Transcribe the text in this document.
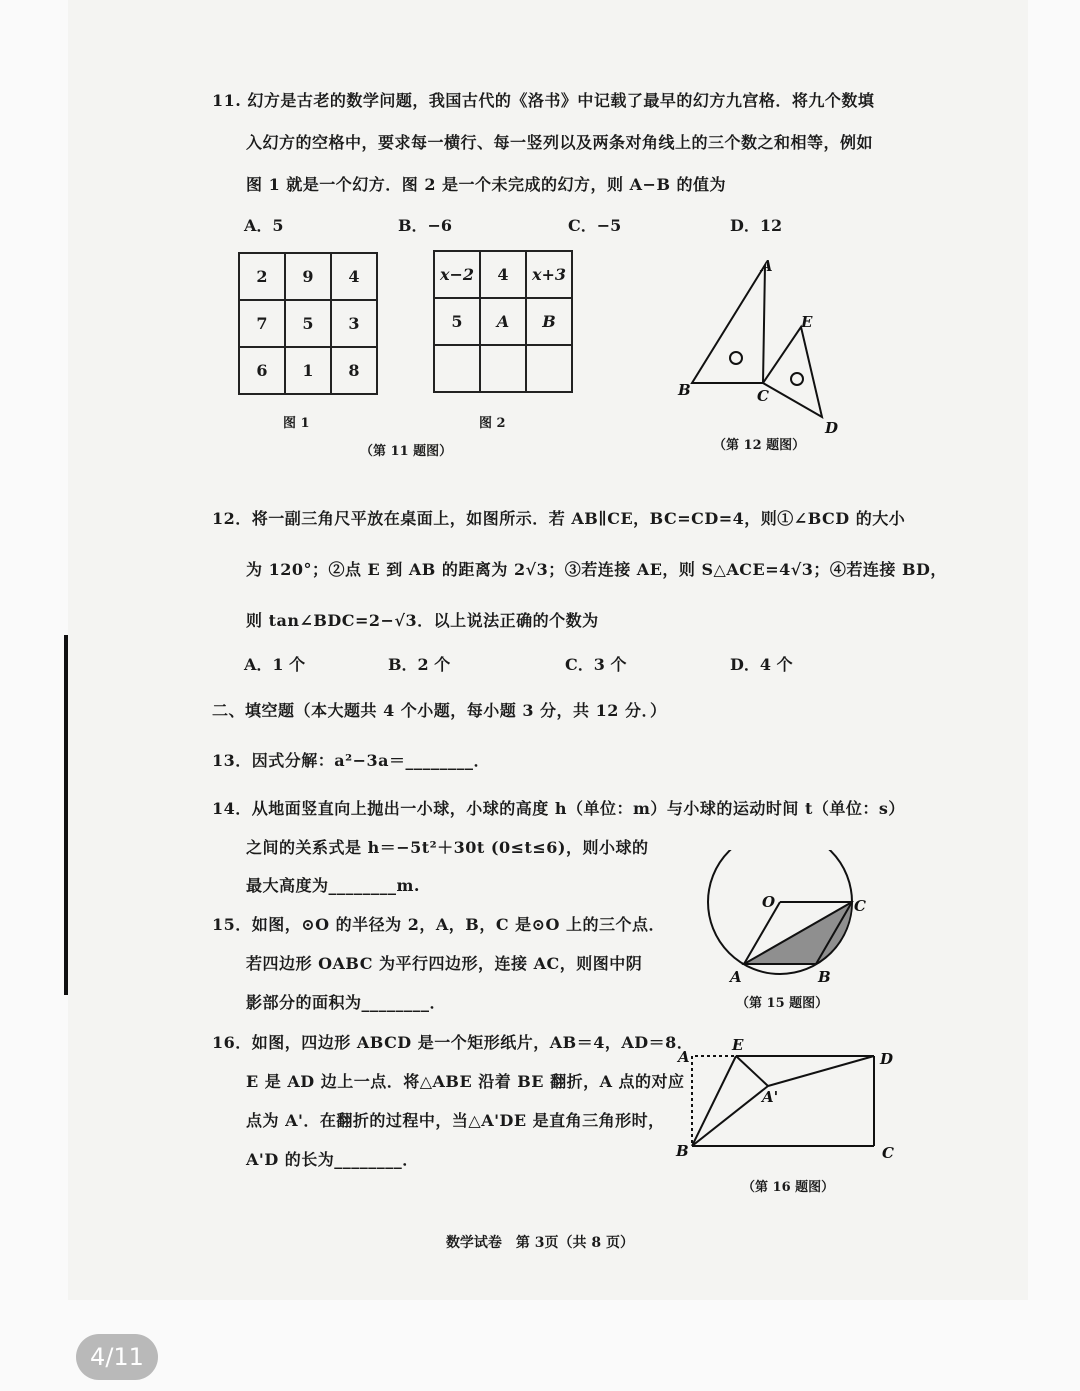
11. 幻方是古老的数学问题，我国古代的《洛书》中记载了最早的幻方九宫格．将九个数填
入幻方的空格中，要求每一横行、每一竖列以及两条对角线上的三个数之和相等，例如
图 1 就是一个幻方．图 2 是一个未完成的幻方，则 A−B 的值为
A．5	B．−6	C．−5	D．12
2	9	4
7	5	3
6	1	8
图 1
x−2	4	x+3
5	A	B

图 2
（第 11 题图）
A
B	C
E
D
（第 12 题图）
12．将一副三角尺平放在桌面上，如图所示．若 AB∥CE，BC=CD=4，则①∠BCD 的大小
为 120°；②点 E 到 AB 的距离为 2√3；③若连接 AE，则 S△ACE=4√3；④若连接 BD，
则 tan∠BDC=2−√3．以上说法正确的个数为
A．1 个	B．2 个	C．3 个	D．4 个
二、填空题（本大题共 4 个小题，每小题 3 分，共 12 分．）
13．因式分解：a²−3a＝________．
14．从地面竖直向上抛出一小球，小球的高度 h（单位：m）与小球的运动时间 t（单位：s）
之间的关系式是 h＝−5t²＋30t (0≤t≤6)，则小球的
最大高度为________m.
15．如图，⊙O 的半径为 2，A，B，C 是⊙O 上的三个点．
若四边形 OABC 为平行四边形，连接 AC，则图中阴
影部分的面积为________．
O	C
A	B
（第 15 题图）
16．如图，四边形 ABCD 是一个矩形纸片，AB＝4，AD＝8．
E 是 AD 边上一点．将△ABE 沿着 BE 翻折，A 点的对应
点为 A'．在翻折的过程中，当△A'DE 是直角三角形时，
A'D 的长为________．
A
E
D
A'
B	C
（第 16 题图）
数学试卷　第 3页（共 8 页）
4/11
